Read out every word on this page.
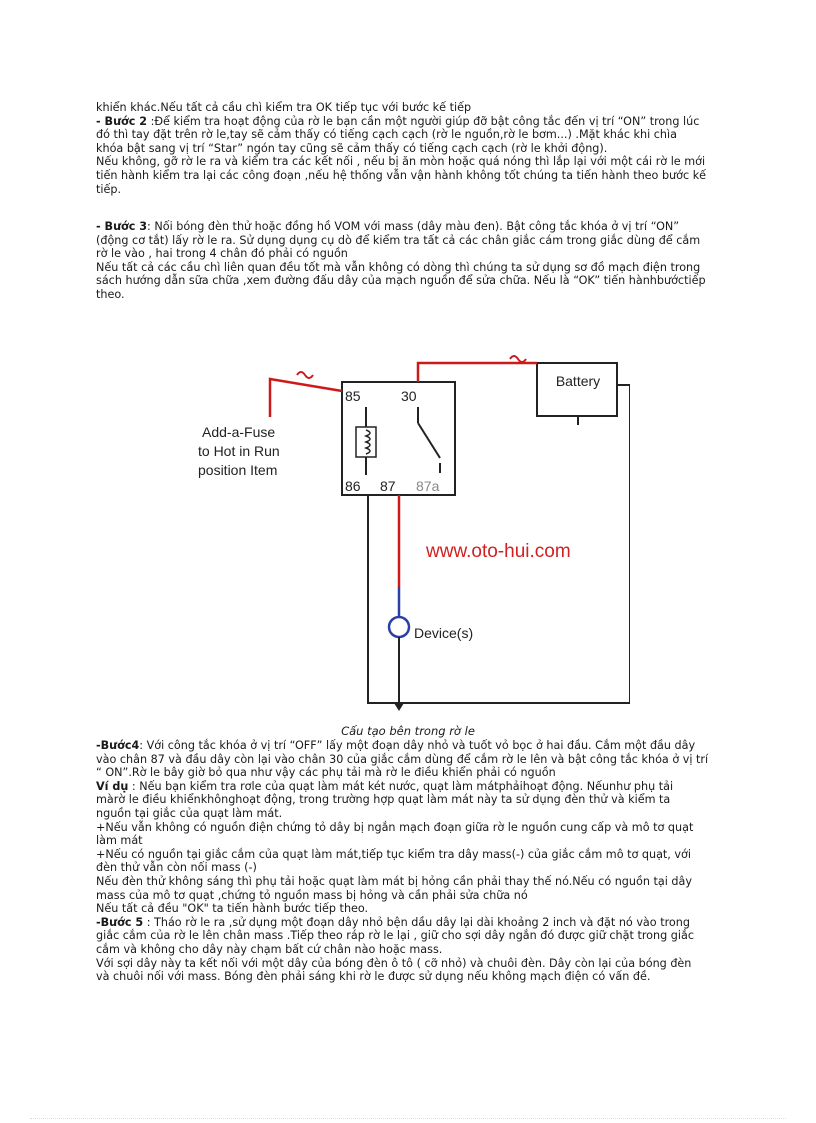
khiển khác.Nếu tất cả cầu chì kiểm tra OK tiếp tục với bước kế tiếp

- Bước 2 :Để kiểm tra hoạt động của rờ le bạn cần một người giúp đỡ bật công tắc đến vị trí “ON” trong lúc

đó thì tay đặt trên rờ le,tay sẽ cảm thấy có tiếng cạch cạch (rờ le nguồn,rờ le bơm...) .Mặt khác khi chìa

khóa bật sang vị trí “Star” ngón tay cũng sẽ cảm thấy có tiếng cạch cạch (rờ le khởi động).

Nếu không, gỡ rờ le ra và kiểm tra các kết nối , nếu bị ăn mòn hoặc quá nóng thì lắp lại với một cái rờ le mới

tiến hành kiểm tra lại các công đoạn ,nếu hệ thống vẫn vận hành không tốt chúng ta tiến hành theo bước kế

tiếp.

- Bước 3: Nối bóng đèn thử hoặc đồng hồ VOM với mass (dây màu đen). Bật công tắc khóa ở vị trí “ON”

(động cơ tắt) lấy rờ le ra. Sử dụng dụng cụ dò để kiểm tra tất cả các chân giắc cám trong giắc dùng để cắm

rờ le vào , hai trong 4 chân đó phải có nguồn

Nếu tất cả các cầu chì liên quan đều tốt mà vẫn không có dòng thì chúng ta sử dụng sơ đồ mạch điện trong

sách hướng dẫn sữa chữa ,xem đường đấu dây của mạch nguồn để sửa chữa. Nếu là “OK” tiến hànhbướctiếp

theo.

Battery
85	30
86 87 87a
Add-a-Fuse
to Hot in Run
position Item
Device(s)
www.oto-hui.com
Cấu tạo bên trong rờ le

-Bước4: Với công tắc khóa ở vị trí “OFF” lấy một đoạn dây nhỏ và tuốt vỏ bọc ở hai đầu. Cắm một đầu dây

vào chân 87 và đầu dây còn lại vào chân 30 của giắc cắm dùng để cắm rờ le lên và bật công tắc khóa ở vị trí

“ ON”.Rờ le bây giờ bỏ qua như vậy các phụ tải mà rờ le điều khiển phải có nguồn

Ví dụ : Nếu bạn kiểm tra rơle của quạt làm mát két nước, quạt làm mátphảihoạt động. Nếunhư phụ tải

màrờ le điều khiểnkhônghoạt động, trong trường hợp quạt làm mát này ta sử dụng đèn thử và kiểm ta

nguồn tại giắc của quạt làm mát.

+Nếu vẫn không có nguồn điện chứng tỏ dây bị ngắn mạch đoạn giữa rờ le nguồn cung cấp và mô tơ quạt

làm mát

+Nếu có nguồn tại giắc cắm của quạt làm mát,tiếp tục kiểm tra dây mass(-) của giắc cắm mô tơ quạt, với

đèn thử vẫn còn nối mass (-)

Nếu đèn thử không sáng thì phụ tải hoặc quạt làm mát bị hỏng cần phải thay thế nó.Nếu có nguồn tại dây

mass của mô tơ quạt ,chứng tỏ nguồn mass bị hỏng và cần phải sửa chữa nó

Nếu tất cả đều "OK" ta tiến hành bước tiếp theo.

-Bước 5 : Tháo rờ le ra ,sử dụng một đoạn dây nhỏ bện dầu dây lại dài khoảng 2 inch và đặt nó vào trong

giắc cắm của rờ le lên chân mass .Tiếp theo ráp rờ le lại , giữ cho sợi dây ngắn đó được giữ chặt trong giắc

cắm và không cho dây này chạm bất cứ chân nào hoặc mass.

Với sợi dây này ta kết nối với một dây của bóng đèn ô tô ( cỡ nhỏ) và chuôi đèn. Dây còn lại của bóng đèn

và chuôi nối với mass. Bóng đèn phải sáng khi rờ le được sử dụng nếu không mạch điện có vấn đề.
